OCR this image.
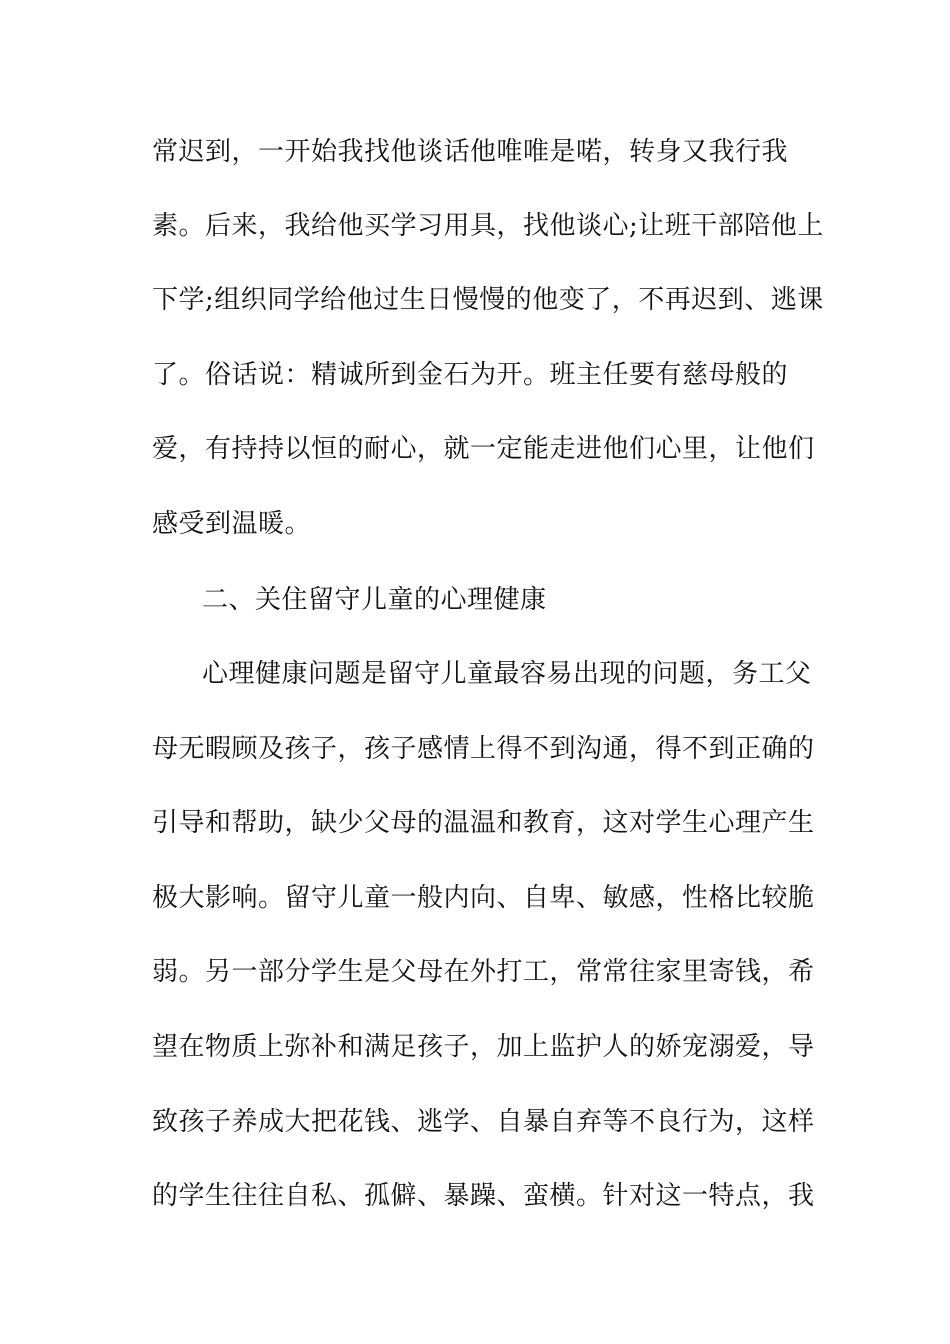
常迟到，一开始我找他谈话他唯唯是喏，转身又我行我
素。后来，我给他买学习用具，找他谈心;让班干部陪他上
下学;组织同学给他过生日慢慢的他变了，不再迟到、逃课
了。俗话说：精诚所到金石为开。班主任要有慈母般的
爱，有持持以恒的耐心，就一定能走进他们心里，让他们
感受到温暖。
二、关住留守儿童的心理健康
心理健康问题是留守儿童最容易出现的问题，务工父
母无暇顾及孩子，孩子感情上得不到沟通，得不到正确的
引导和帮助，缺少父母的温温和教育，这对学生心理产生
极大影响。留守儿童一般内向、自卑、敏感，性格比较脆
弱。另一部分学生是父母在外打工，常常往家里寄钱，希
望在物质上弥补和满足孩子，加上监护人的娇宠溺爱，导
致孩子养成大把花钱、逃学、自暴自弃等不良行为，这样
的学生往往自私、孤僻、暴躁、蛮横。针对这一特点，我
